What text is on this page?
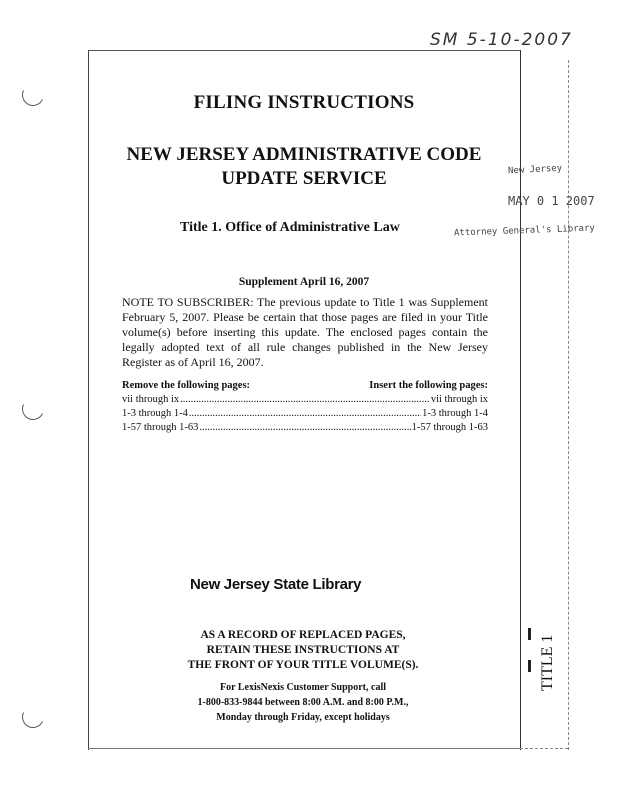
SM 5-10-2007
New Jersey
MAY 0 1 2007
Attorney General's Library
FILING INSTRUCTIONS
NEW JERSEY ADMINISTRATIVE CODE
UPDATE SERVICE
Title 1. Office of Administrative Law
Supplement April 16, 2007
NOTE TO SUBSCRIBER: The previous update to Title 1 was Supplement February 5, 2007. Please be certain that those pages are filed in your Title volume(s) before inserting this update. The enclosed pages contain the legally adopted text of all rule changes published in the New Jersey Register as of April 16, 2007.
Remove the following pages:	Insert the following pages:
vii through ix .....	vii through ix
1-3 through 1-4 .....	1-3 through 1-4
1-57 through 1-63 .....	1-57 through 1-63
New Jersey State Library
AS A RECORD OF REPLACED PAGES,
RETAIN THESE INSTRUCTIONS AT
THE FRONT OF YOUR TITLE VOLUME(S).
For LexisNexis Customer Support, call
1-800-833-9844 between 8:00 A.M. and 8:00 P.M.,
Monday through Friday, except holidays
TITLE 1
